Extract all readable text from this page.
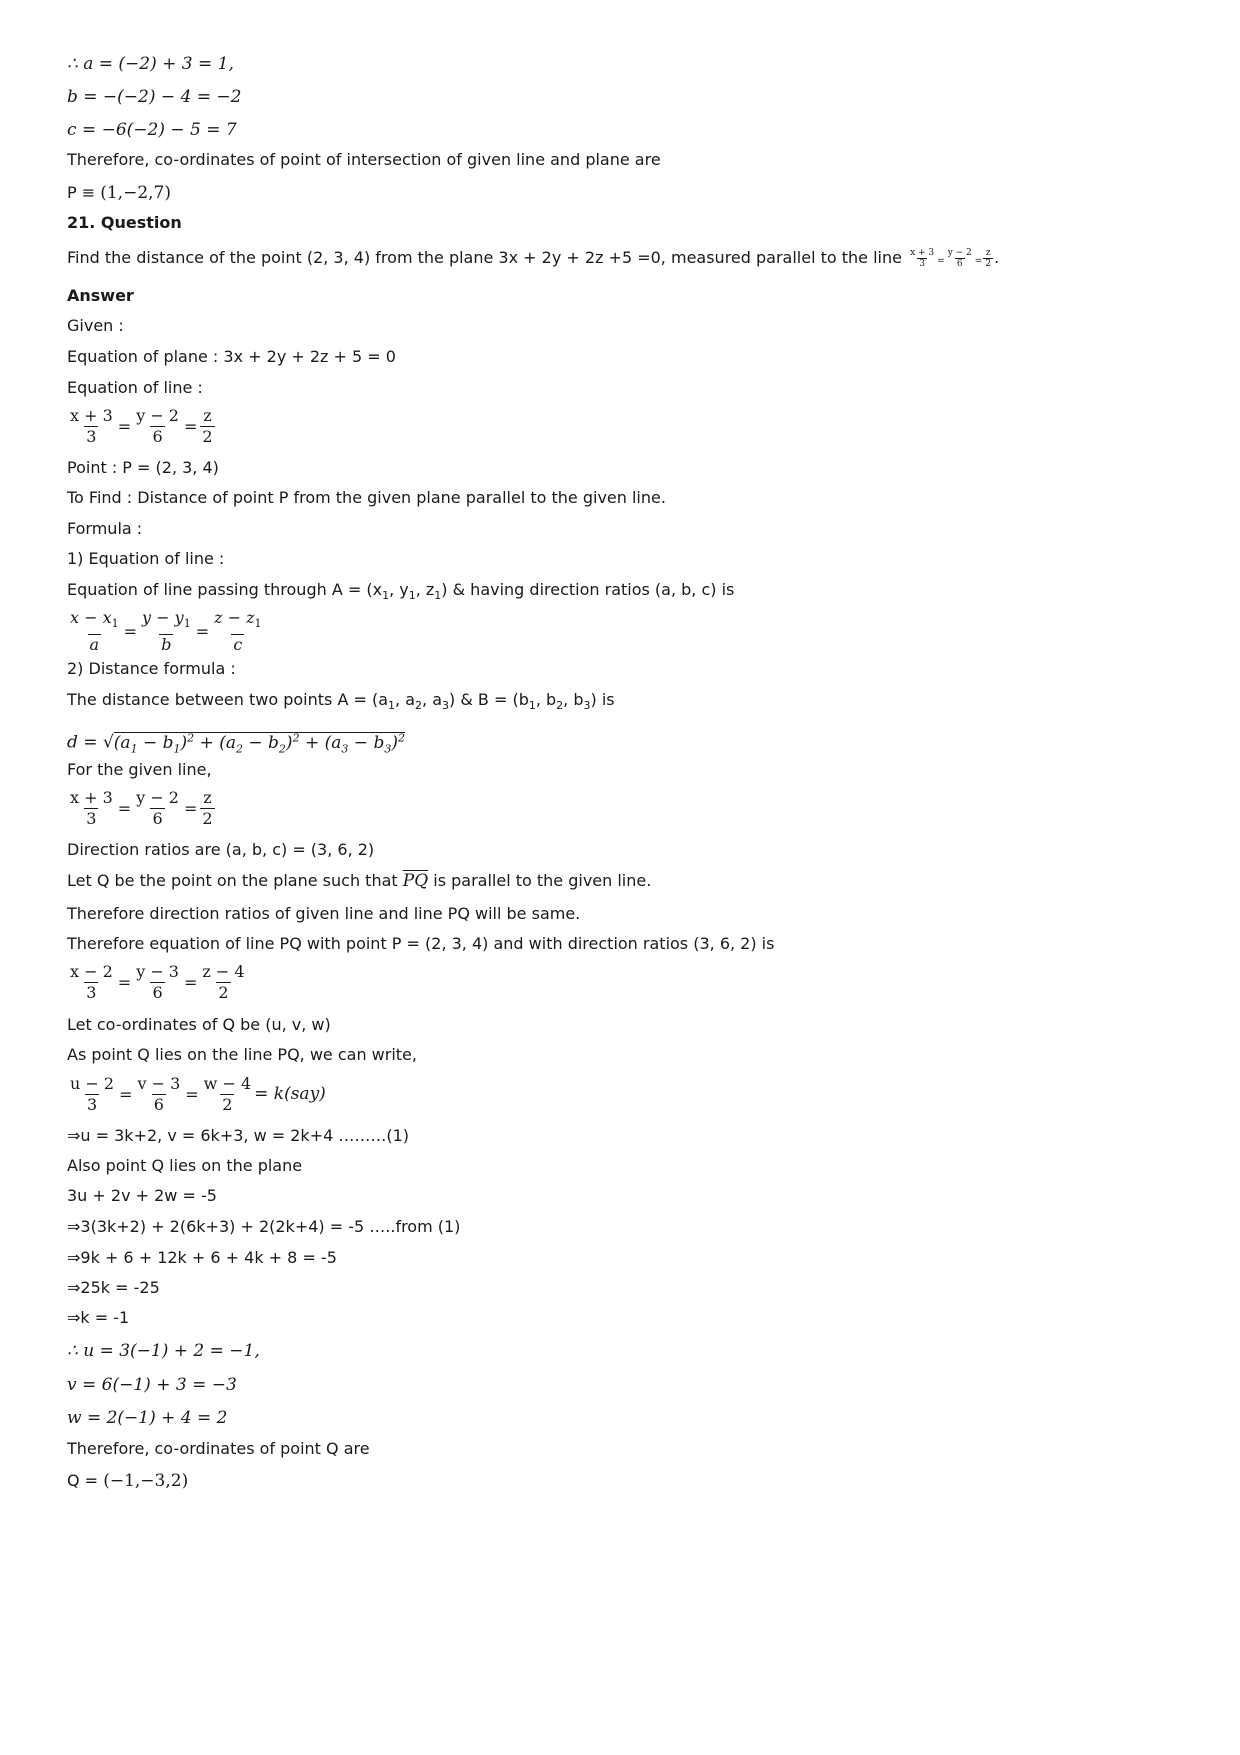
∴ a = (−2) + 3 = 1,
b = −(−2) − 4 = −2
c = −6(−2) − 5 = 7
Therefore, co-ordinates of point of intersection of given line and plane are
P ≡ (1,−2,7)
21. Question
Find the distance of the point (2, 3, 4) from the plane 3x + 2y + 2z +5 =0, measured parallel to the line $\frac{x + 3}{3} = \frac{y - 2}{6} = \frac{z}{2}$ .
Answer
Given :
Equation of plane : 3x + 2y + 2z + 5 = 0
Equation of line :
$\frac{x + 3}{3} = \frac{y - 2}{6} = \frac{z}{2}$
Point : P = (2, 3, 4)
To Find : Distance of point P from the given plane parallel to the given line.
Formula :
1) Equation of line :
Equation of line passing through $A = (x_1$, $y_1$, $z_1$) & having direction ratios (a, b, c) is
$\frac{x - x_1}{a} = \frac{y - y_1}{b} = \frac{z - z_1}{c}$
2) Distance formula :
The distance between two points $A = (a_1$, $a_2$, $a_3$) & $B = (b_1$, $b_2$, $b_3$) is
$d = √(a_1 - b_1)^2 + (a_2 - b_2)^2 + (a_3 - b_3)^2$
For the given line,
$\frac{x + 3}{3} = \frac{y - 2}{6} = \frac{z}{2}$
Direction ratios are (a, b, c) = (3, 6, 2)
Let Q be the point on the plane such that $\overline{PQ}$ is parallel to the given line.
Therefore direction ratios of given line and line PQ will be same.
Therefore equation of line PQ with point P = (2, 3, 4) and with direction ratios (3, 6, 2) is
$\frac{x - 2}{3} = \frac{y - 3}{6} = \frac{z - 4}{2}$
Let co-ordinates of Q be (u, v, w)
As point Q lies on the line PQ, we can write,
$\frac{u - 2}{3} = \frac{v - 3}{6} = \frac{w - 4}{2} = k(say)$
⇒u = 3k+2, v = 6k+3, w = 2k+4 ………(1)
Also point Q lies on the plane
3u + 2v + 2w = -5
⇒3(3k+2) + 2(6k+3) + 2(2k+4) = -5 …..from (1)
⇒9k + 6 + 12k + 6 + 4k + 8 = -5
⇒25k = -25
⇒k = -1
∴ u = 3(−1) + 2 = −1,
v = 6(−1) + 3 = −3
w = 2(−1) + 4 = 2
Therefore, co-ordinates of point Q are
Q = (−1,−3,2)
